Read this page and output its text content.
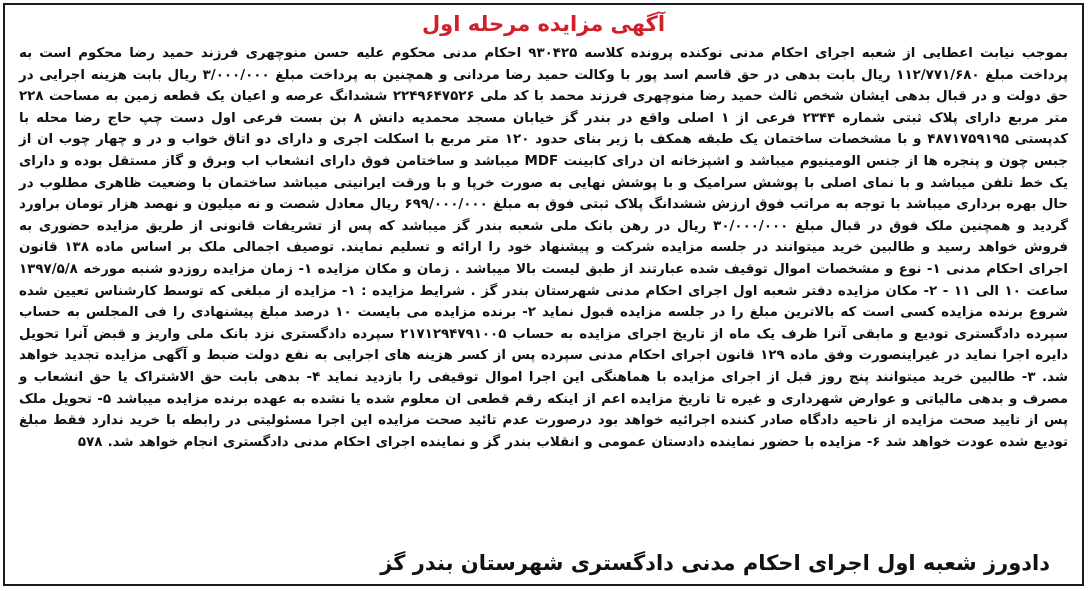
آگهی مزایده مرحله اول

بموجب نیابت اعطایی از شعبه اجرای احکام مدنی نوکنده پرونده کلاسه ۹۳۰۴۲۵ احکام مدنی محکوم علیه حسن منوچهری فرزند حمید رضا محکوم است به پرداخت مبلغ ۱۱۲/۷۷۱/۶۸۰ ریال بابت بدهی در حق قاسم اسد پور با وکالت حمید رضا مردانی و همچنین به پرداخت مبلغ ۳/۰۰۰/۰۰۰ ریال بابت هزینه اجرایی در حق دولت و در قبال بدهی ایشان شخص ثالث حمید رضا منوچهری فرزند محمد با کد ملی ۲۲۴۹۶۴۷۵۲۶ ششدانگ عرصه و اعیان یک قطعه زمین به مساحت ۲۲۸ متر مربع دارای پلاک ثبتی شماره ۲۳۴۴ فرعی از ۱ اصلی واقع در بندر گز خیابان مسجد محمدیه دانش ۸ بن بست فرعی اول دست چپ حاج رضا محله با کدپستی ۴۸۷۱۷۵۹۱۹۵ و با مشخصات ساختمان یک طبقه همکف با زیر بنای حدود ۱۲۰ متر مربع با اسکلت اجری و دارای دو اتاق خواب و در و چهار چوب ان از جبس چون و پنجره ها از جنس الومینیوم میباشد و اشپزخانه ان درای کابینت MDF میباشد و ساختامن فوق دارای انشعاب اب وبرق و گاز مستقل بوده و دارای یک خط تلفن میباشد و با نمای اصلی با پوشش سرامیک و با پوشش نهایی به صورت خرپا و با ورقت ایرانیتی میباشد ساختمان با وضعیت ظاهری مطلوب در حال بهره برداری میباشد با توجه به مراتب فوق ارزش ششدانگ پلاک ثبتی فوق به مبلغ ۶۹۹/۰۰۰/۰۰۰ ریال معادل شصت و نه میلیون و نهصد هزار تومان براورد گردید و همچنین ملک فوق در قبال مبلغ ۳۰/۰۰۰/۰۰۰ ریال در رهن بانک ملی شعبه بندر گز میباشد که پس از تشریفات قانونی از طریق مزایده حضوری به فروش خواهد رسید و طالبین خرید میتوانند در جلسه مزایده شرکت و پیشنهاد خود را ارائه و تسلیم نمایند. توصیف اجمالی ملک بر اساس ماده ۱۳۸ قانون اجرای احکام مدنی ۱- نوع و مشخصات اموال توقیف شده عبارتند از طبق لیست بالا میباشد . زمان و مکان مزایده ۱- زمان مزایده روزدو شنبه مورخه ۱۳۹۷/۵/۸ ساعت ۱۰ الی ۱۱ - ۲- مکان مزایده دفتر شعبه اول اجرای احکام مدنی شهرستان بندر گز . شرایط مزایده : ۱- مزایده از مبلغی که توسط کارشناس تعیین شده شروع برنده مزایده کسی است که بالاترین مبلغ را در جلسه مزایده قبول نماید ۲- برنده مزایده می بایست ۱۰ درصد مبلغ پیشنهادی را فی المجلس به حساب سپرده دادگستری تودیع و مابقی آنرا ظرف یک ماه از تاریخ اجرای مزایده به حساب ۲۱۷۱۲۹۴۷۹۱۰۰۵ سپرده دادگستری نزد بانک ملی واریز و قبض آنرا تحویل دایره اجرا نماید در غیراینصورت وفق ماده ۱۲۹ قانون اجرای احکام مدنی سپرده پس از کسر هزینه های اجرایی به نفع دولت ضبط و آگهی مزایده تجدید خواهد شد. ۳- طالبین خرید میتوانند پنج روز قبل از اجرای مزایده با هماهنگی این اجرا اموال توقیفی را بازدید نماید ۴- بدهی بابت حق الاشتراک یا حق انشعاب و مصرف و بدهی مالیاتی و عوارض شهرداری و غیره تا تاریخ مزایده اعم از اینکه رقم قطعی ان معلوم شده یا نشده به عهده برنده مزایده میباشد ۵- تحویل ملک پس از تایید صحت مزایده از ناحیه دادگاه صادر کننده اجرائیه خواهد بود درصورت عدم تائید صحت مزایده این اجرا مسئولیتی در رابطه با خرید ندارد فقط مبلغ تودیع شده عودت خواهد شد ۶- مزایده با حضور نماینده دادستان عمومی و انقلاب بندر گز و نماینده اجرای احکام مدنی دادگستری انجام خواهد شد. ۵۷۸

دادورز شعبه اول اجرای احکام مدنی دادگستری شهرستان بندر گز
